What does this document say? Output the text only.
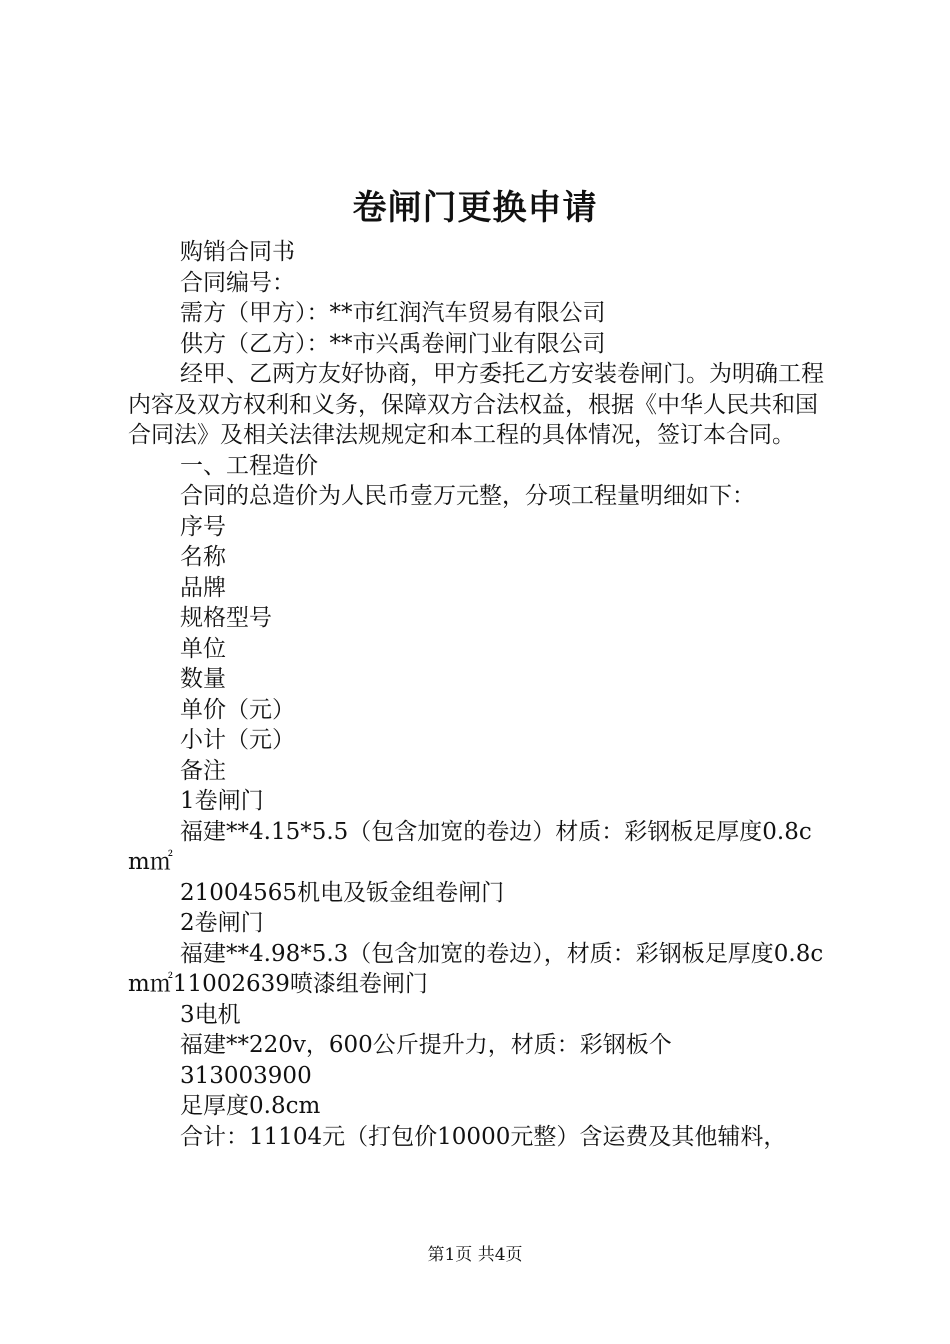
卷闸门更换申请

购销合同书

合同编号：

需方（甲方）：**市红润汽车贸易有限公司

供方（乙方）：**市兴禹卷闸门业有限公司

经甲、乙两方友好协商，甲方委托乙方安装卷闸门。为明确工程内容及双方权利和义务，保障双方合法权益，根据《中华人民共和国合同法》及相关法律法规规定和本工程的具体情况，签订本合同。

一、工程造价

合同的总造价为人民币壹万元整，分项工程量明细如下：

序号

名称

品牌

规格型号

单位

数量

单价（元）

小计（元）

备注

1卷闸门

福建**4.15*5.5（包含加宽的卷边）材质：彩钢板足厚度0.8cm㎡

21004565机电及钣金组卷闸门

2卷闸门

福建**4.98*5.3（包含加宽的卷边），材质：彩钢板足厚度0.8cm㎡11002639喷漆组卷闸门

3电机

福建**220v，600公斤提升力，材质：彩钢板个

313003900

足厚度0.8cm

合计：11104元（打包价10000元整）含运费及其他辅料，

第1页 共4页
